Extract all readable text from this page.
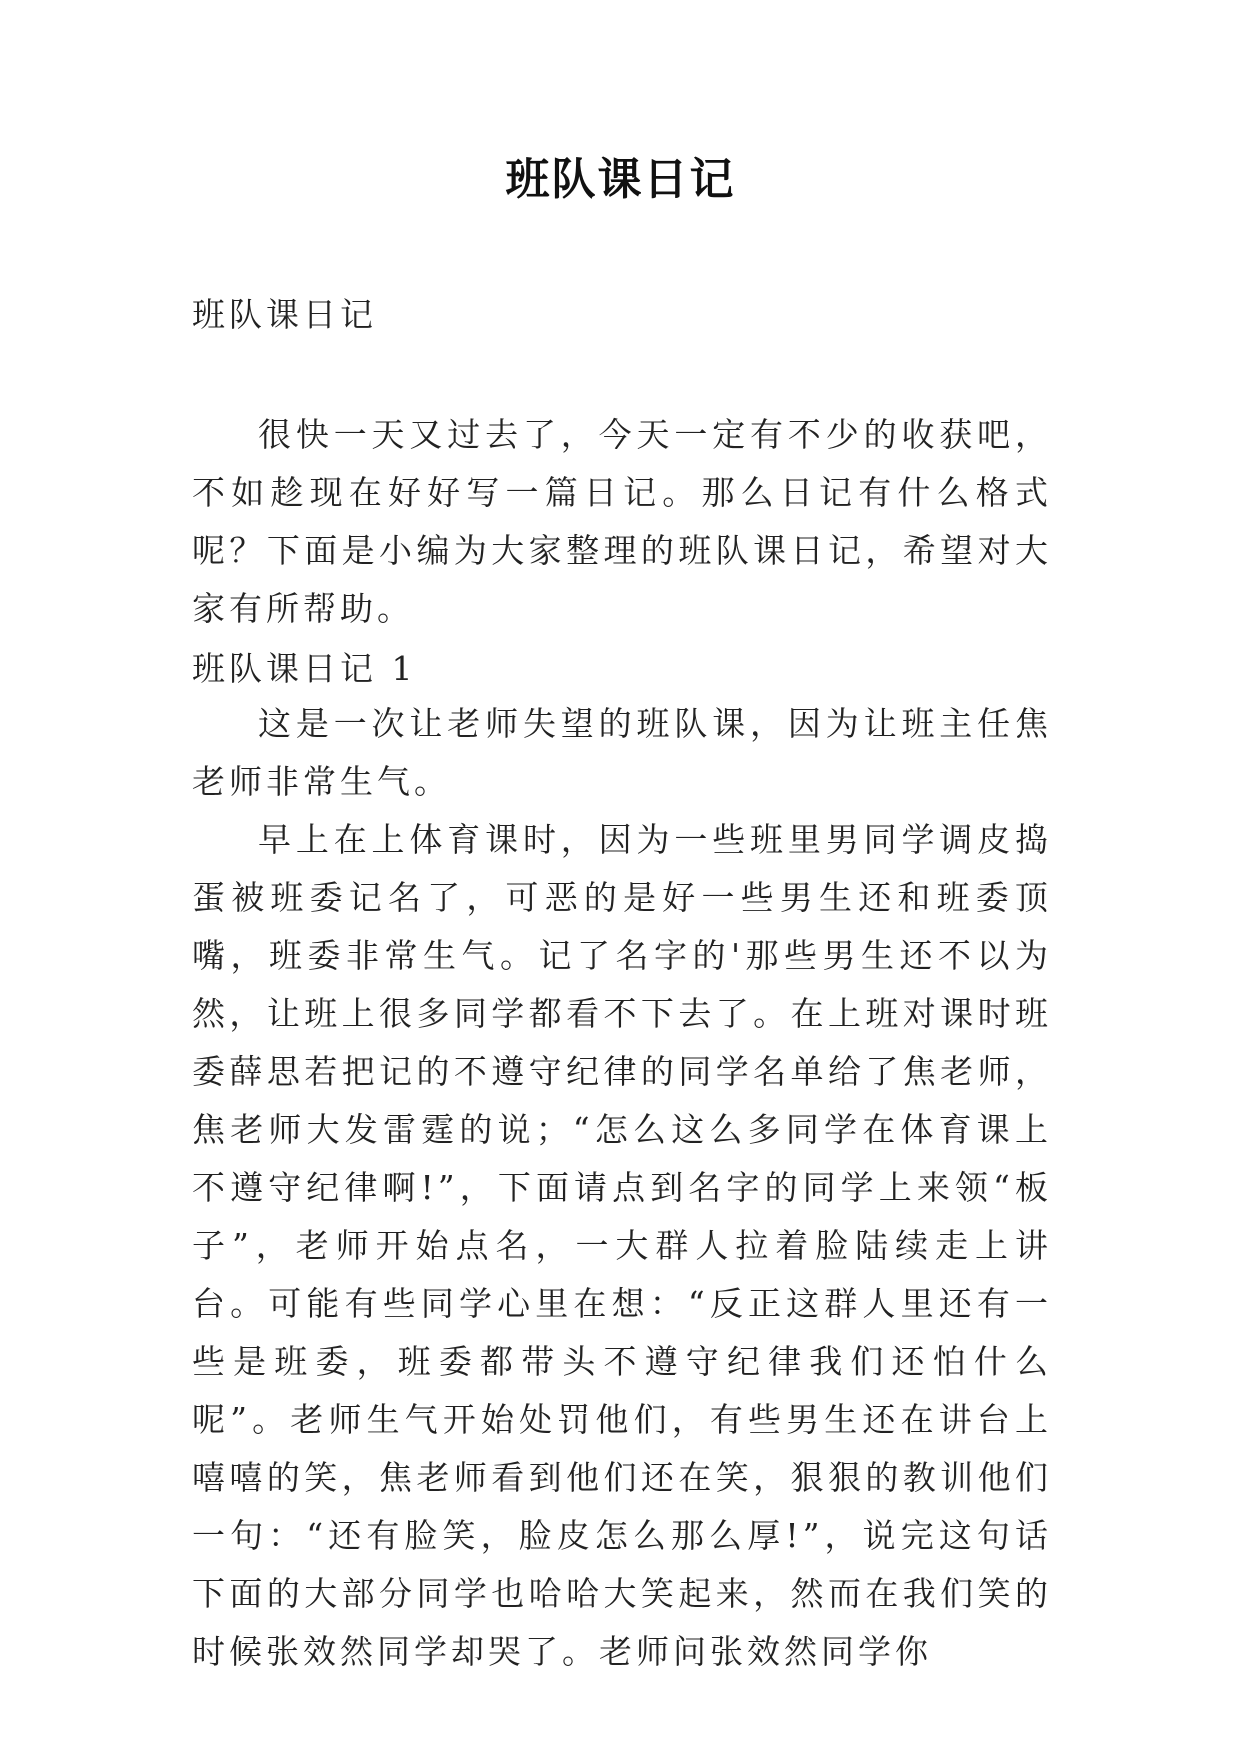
班队课日记
班队课日记
很快一天又过去了，今天一定有不少的收获吧，不如趁现在好好写一篇日记。那么日记有什么格式呢？下面是小编为大家整理的班队课日记，希望对大家有所帮助。
班队课日记 1

这是一次让老师失望的班队课，因为让班主任焦老师非常生气。

早上在上体育课时，因为一些班里男同学调皮捣蛋被班委记名了，可恶的是好一些男生还和班委顶嘴，班委非常生气。记了名字的'那些男生还不以为然，让班上很多同学都看不下去了。在上班对课时班委薛思若把记的不遵守纪律的同学名单给了焦老师，焦老师大发雷霆的说；“怎么这么多同学在体育课上不遵守纪律啊!”，下面请点到名字的同学上来领“板子”，老师开始点名，一大群人拉着脸陆续走上讲台。可能有些同学心里在想：“反正这群人里还有一些是班委，班委都带头不遵守纪律我们还怕什么呢”。老师生气开始处罚他们，有些男生还在讲台上嘻嘻的笑，焦老师看到他们还在笑，狠狠的教训他们一句：“还有脸笑，脸皮怎么那么厚!”，说完这句话下面的大部分同学也哈哈大笑起来，然而在我们笑的时候张效然同学却哭了。老师问张效然同学你
